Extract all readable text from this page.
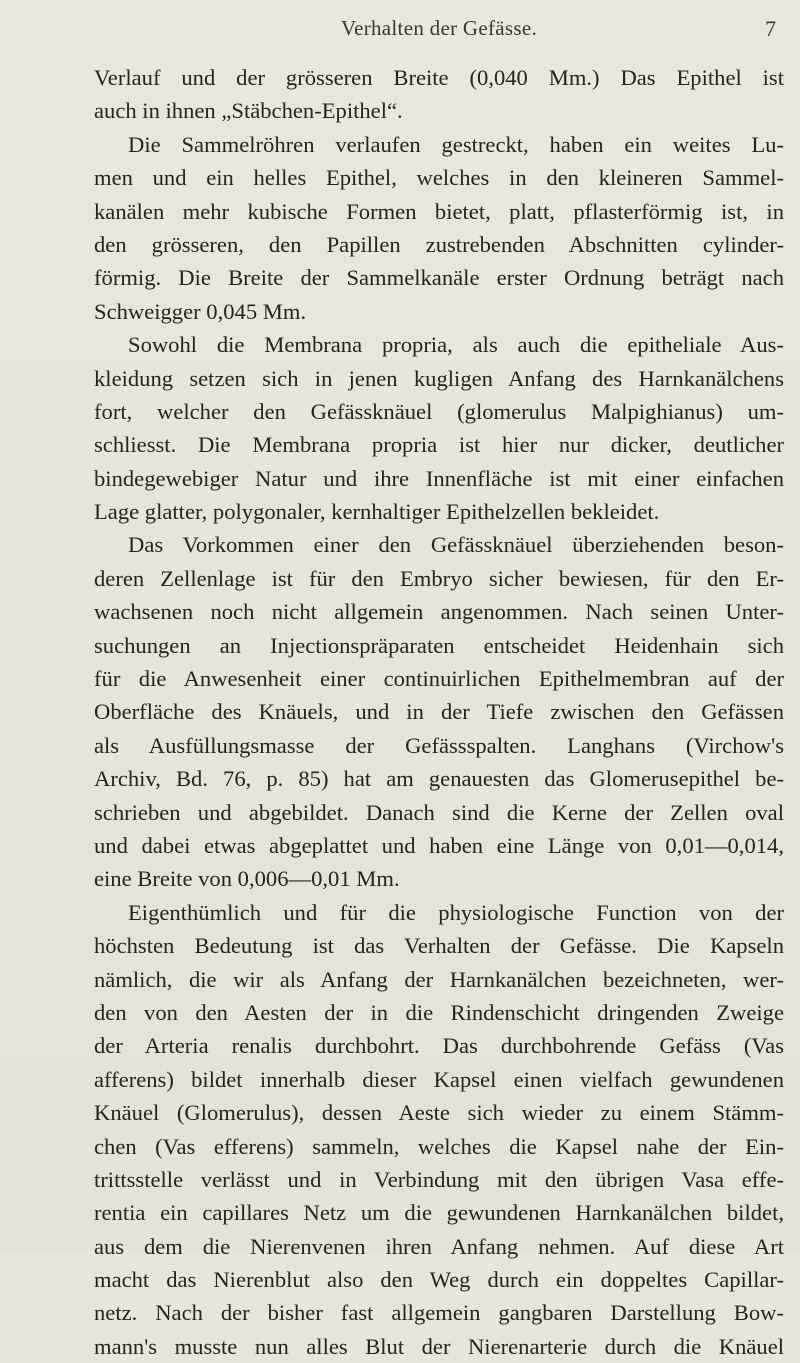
Verhalten der Gefässe.	7
Verlauf und der grösseren Breite (0,040 Mm.) Das Epithel ist
auch in ihnen „Stäbchen-Epithel“.
Die Sammelröhren verlaufen gestreckt, haben ein weites Lu-
men und ein helles Epithel, welches in den kleineren Sammel-
kanälen mehr kubische Formen bietet, platt, pflasterförmig ist, in
den grösseren, den Papillen zustrebenden Abschnitten cylinder-
förmig. Die Breite der Sammelkanäle erster Ordnung beträgt nach
Schweigger 0,045 Mm.
Sowohl die Membrana propria, als auch die epitheliale Aus-
kleidung setzen sich in jenen kugligen Anfang des Harnkanälchens
fort, welcher den Gefässknäuel (glomerulus Malpighianus) um-
schliesst. Die Membrana propria ist hier nur dicker, deutlicher
bindegewebiger Natur und ihre Innenfläche ist mit einer einfachen
Lage glatter, polygonaler, kernhaltiger Epithelzellen bekleidet.
Das Vorkommen einer den Gefässknäuel überziehenden beson-
deren Zellenlage ist für den Embryo sicher bewiesen, für den Er-
wachsenen noch nicht allgemein angenommen. Nach seinen Unter-
suchungen an Injectionspräparaten entscheidet Heidenhain sich
für die Anwesenheit einer continuirlichen Epithelmembran auf der
Oberfläche des Knäuels, und in der Tiefe zwischen den Gefässen
als Ausfüllungsmasse der Gefässspalten. Langhans (Virchow's
Archiv, Bd. 76, p. 85) hat am genauesten das Glomerusepithel be-
schrieben und abgebildet. Danach sind die Kerne der Zellen oval
und dabei etwas abgeplattet und haben eine Länge von 0,01—0,014,
eine Breite von 0,006—0,01 Mm.
Eigenthümlich und für die physiologische Function von der
höchsten Bedeutung ist das Verhalten der Gefässe. Die Kapseln
nämlich, die wir als Anfang der Harnkanälchen bezeichneten, wer-
den von den Aesten der in die Rindenschicht dringenden Zweige
der Arteria renalis durchbohrt. Das durchbohrende Gefäss (Vas
afferens) bildet innerhalb dieser Kapsel einen vielfach gewundenen
Knäuel (Glomerulus), dessen Aeste sich wieder zu einem Stämm-
chen (Vas efferens) sammeln, welches die Kapsel nahe der Ein-
trittsstelle verlässt und in Verbindung mit den übrigen Vasa effe-
rentia ein capillares Netz um die gewundenen Harnkanälchen bildet,
aus dem die Nierenvenen ihren Anfang nehmen. Auf diese Art
macht das Nierenblut also den Weg durch ein doppeltes Capillar-
netz. Nach der bisher fast allgemein gangbaren Darstellung Bow-
mann's musste nun alles Blut der Nierenarterie durch die Knäuel
